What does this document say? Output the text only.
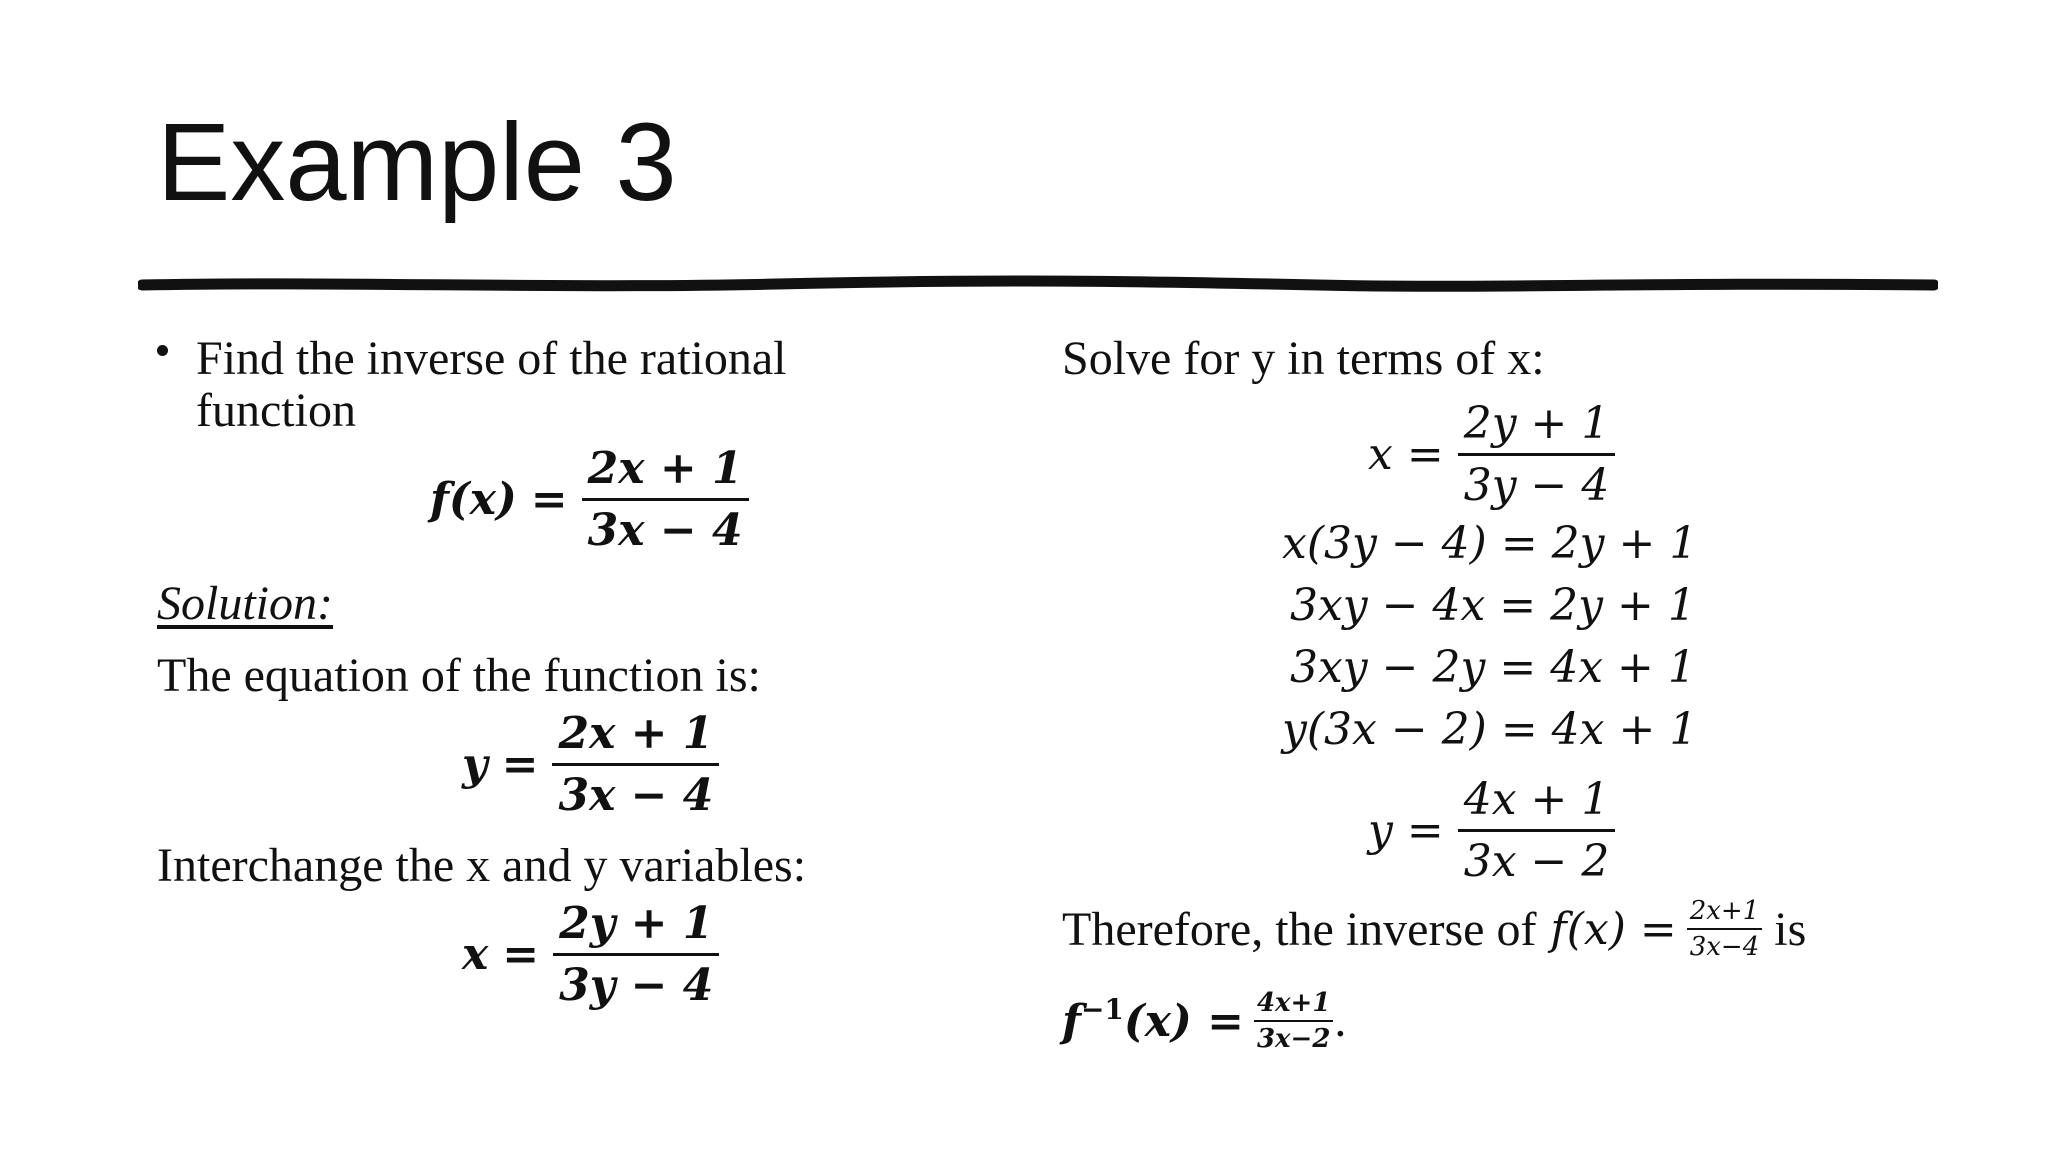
Example 3
Find the inverse of the rational
function
$f(x) = \frac{2x + 1}{3x - 4}$
Solution:
The equation of the function is:
$y = \frac{2x + 1}{3x - 4}$
Interchange the x and y variables:
$x = \frac{2y + 1}{3y - 4}$
Solve for y in terms of x:
$x = \frac{2y + 1}{3y - 4}$
x(3y − 4) = 2y + 1
3xy − 4x = 2y + 1
3xy − 2y = 4x + 1
y(3x − 2) = 4x + 1
$y = \frac{4x + 1}{3x - 2}$
Therefore, the inverse of $f(x) = \frac{2x+1}{3x-4}$ is
$f^{-1}$ $(x) = \frac{4x+1}{3x-2}$ .
